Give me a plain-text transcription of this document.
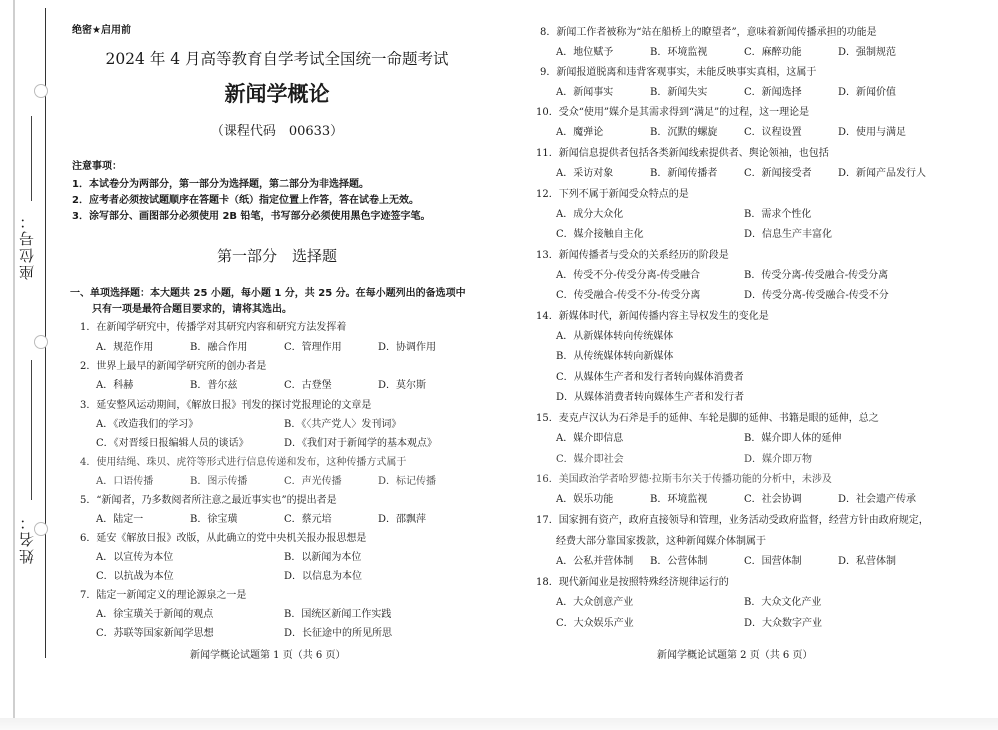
座位号：
姓名：
绝密★启用前
2024 年 4 月高等教育自学考试全国统一命题考试
新闻学概论
（课程代码　00633）
注意事项：
1．本试卷分为两部分，第一部分为选择题，第二部分为非选择题。
2．应考者必须按试题顺序在答题卡（纸）指定位置上作答，答在试卷上无效。
3．涂写部分、画图部分必须使用 2B 铅笔，书写部分必须使用黑色字迹签字笔。
第一部分　选择题
一、单项选择题：本大题共 25 小题，每小题 1 分，共 25 分。在每小题列出的备选项中
只有一项是最符合题目要求的，请将其选出。
1．在新闻学研究中，传播学对其研究内容和研究方法发挥着
A．规范作用	B．融合作用	C．管理作用	D．协调作用
2．世界上最早的新闻学研究所的创办者是
A．科赫	B．普尔兹	C．古登堡	D．莫尔斯
3．延安整风运动期间，《解放日报》刊发的探讨党报理论的文章是
A．《改造我们的学习》	B．《〈共产党人〉发刊词》
C．《对晋绥日报编辑人员的谈话》	D．《我们对于新闻学的基本观点》
4．使用结绳、珠贝、虎符等形式进行信息传递和发布，这种传播方式属于
A．口语传播	B．图示传播	C．声光传播	D．标记传播
5．“新闻者，乃多数阅者所注意之最近事实也”的提出者是
A．陆定一	B．徐宝璜	C．蔡元培	D．邵飘萍
6．延安《解放日报》改版，从此确立的党中央机关报办报思想是
A．以宣传为本位	B．以新闻为本位
C．以抗战为本位	D．以信息为本位
7．陆定一新闻定义的理论源泉之一是
A．徐宝璜关于新闻的观点	B．国统区新闻工作实践
C．苏联等国家新闻学思想	D．长征途中的所见所思
新闻学概论试题第 1 页（共 6 页）
8．新闻工作者被称为“站在船桥上的瞭望者”，意味着新闻传播承担的功能是
A．地位赋予	B．环境监视	C．麻醉功能	D．强制规范
9．新闻报道脱离和违背客观事实，未能反映事实真相，这属于
A．新闻事实	B．新闻失实	C．新闻选择	D．新闻价值
10．受众“使用”媒介是其需求得到“满足”的过程，这一理论是
A．魔弹论	B．沉默的螺旋	C．议程设置	D．使用与满足
11．新闻信息提供者包括各类新闻线索提供者、舆论领袖，也包括
A．采访对象	B．新闻传播者	C．新闻接受者	D．新闻产品发行人
12．下列不属于新闻受众特点的是
A．成分大众化	B．需求个性化
C．媒介接触自主化	D．信息生产丰富化
13．新闻传播者与受众的关系经历的阶段是
A．传受不分-传受分离-传受融合	B．传受分离-传受融合-传受分离
C．传受融合-传受不分-传受分离	D．传受分离-传受融合-传受不分
14．新媒体时代，新闻传播内容主导权发生的变化是
A．从新媒体转向传统媒体
B．从传统媒体转向新媒体
C．从媒体生产者和发行者转向媒体消费者
D．从媒体消费者转向媒体生产者和发行者
15．麦克卢汉认为石斧是手的延伸、车轮是脚的延伸、书籍是眼的延伸，总之
A．媒介即信息	B．媒介即人体的延伸
C．媒介即社会	D．媒介即万物
16．美国政治学者哈罗德·拉斯韦尔关于传播功能的分析中，未涉及
A．娱乐功能	B．环境监视	C．社会协调	D．社会遗产传承
17．国家拥有资产，政府直接领导和管理，业务活动受政府监督，经营方针由政府规定，
经费大部分靠国家拨款，这种新闻媒介体制属于
A．公私并营体制 B．公营体制	C．国营体制	D．私营体制
18．现代新闻业是按照特殊经济规律运行的
A．大众创意产业	B．大众文化产业
C．大众娱乐产业	D．大众数字产业
新闻学概论试题第 2 页（共 6 页）
